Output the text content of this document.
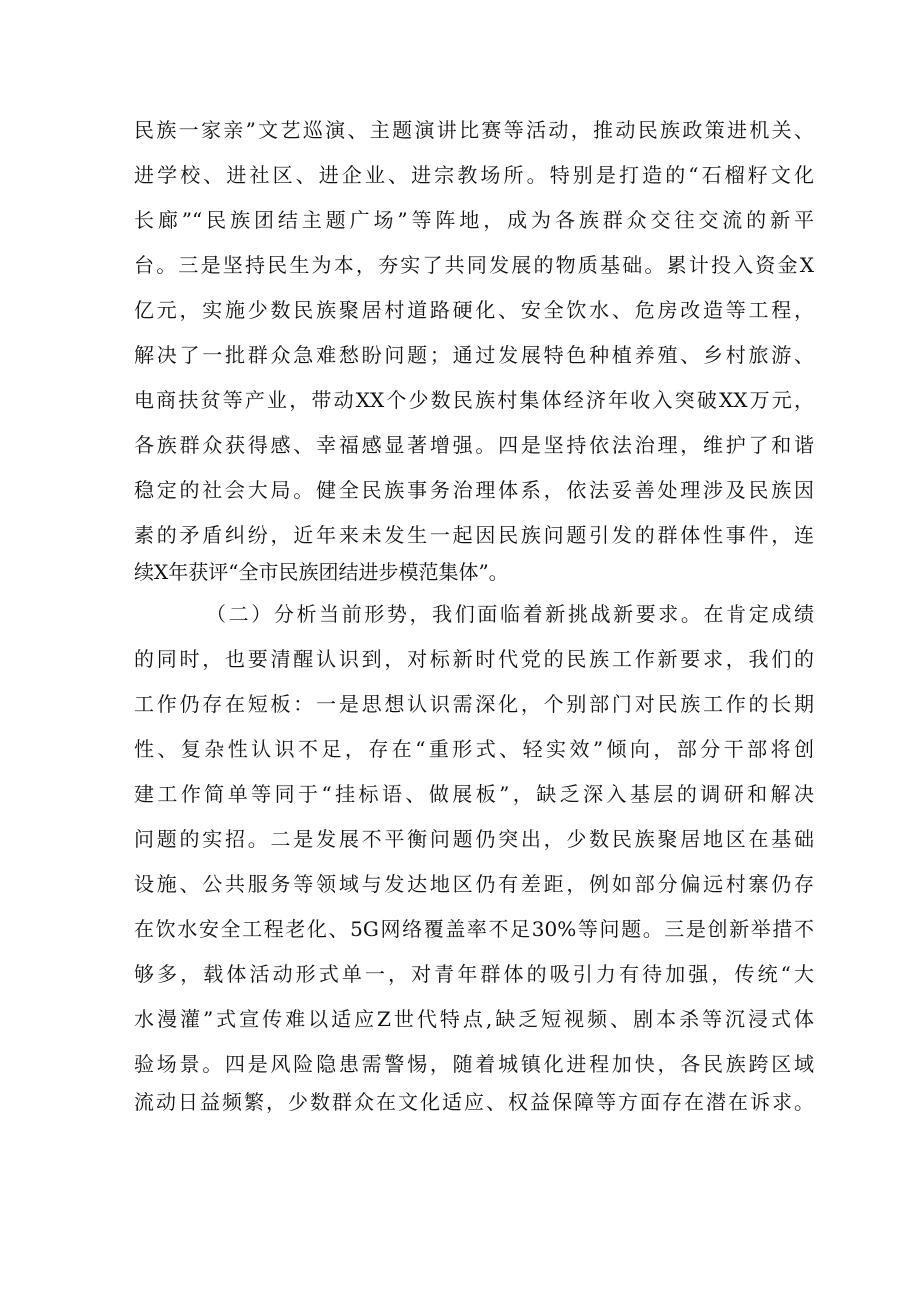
民族一家亲”文艺巡演、主题演讲比赛等活动，推动民族政策进机关、

进学校、进社区、进企业、进宗教场所。特别是打造的“石榴籽文化

长廊”“民族团结主题广场”等阵地，成为各族群众交往交流的新平

台。三是坚持民生为本，夯实了共同发展的物质基础。累计投入资金X

亿元，实施少数民族聚居村道路硬化、安全饮水、危房改造等工程，

解决了一批群众急难愁盼问题；通过发展特色种植养殖、乡村旅游、

电商扶贫等产业，带动XX个少数民族村集体经济年收入突破XX万元，

各族群众获得感、幸福感显著增强。四是坚持依法治理，维护了和谐

稳定的社会大局。健全民族事务治理体系，依法妥善处理涉及民族因

素的矛盾纠纷，近年来未发生一起因民族问题引发的群体性事件，连

续X年获评“全市民族团结进步模范集体”。

（二）分析当前形势，我们面临着新挑战新要求。在肯定成绩

的同时，也要清醒认识到，对标新时代党的民族工作新要求，我们的

工作仍存在短板：一是思想认识需深化，个别部门对民族工作的长期

性、复杂性认识不足，存在“重形式、轻实效”倾向，部分干部将创

建工作简单等同于“挂标语、做展板”，缺乏深入基层的调研和解决

问题的实招。二是发展不平衡问题仍突出，少数民族聚居地区在基础

设施、公共服务等领域与发达地区仍有差距，例如部分偏远村寨仍存

在饮水安全工程老化、5G网络覆盖率不足30%等问题。三是创新举措不

够多，载体活动形式单一，对青年群体的吸引力有待加强，传统“大

水漫灌”式宣传难以适应Z世代特点,缺乏短视频、剧本杀等沉浸式体

验场景。四是风险隐患需警惕，随着城镇化进程加快，各民族跨区域

流动日益频繁，少数群众在文化适应、权益保障等方面存在潜在诉求。
